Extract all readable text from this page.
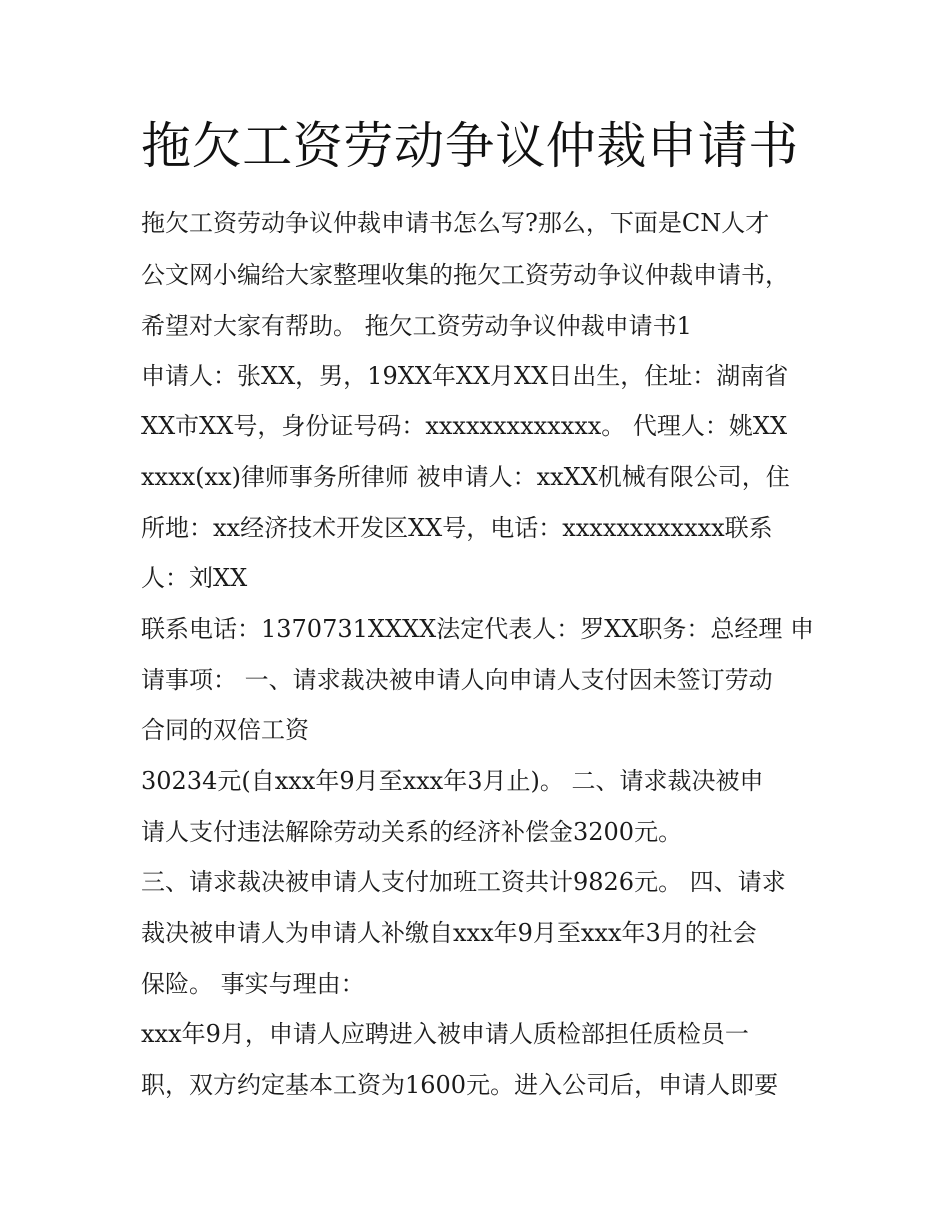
拖欠工资劳动争议仲裁申请书

拖欠工资劳动争议仲裁申请书怎么写?那么，下面是CN人才

公文网小编给大家整理收集的拖欠工资劳动争议仲裁申请书，

希望对大家有帮助。 拖欠工资劳动争议仲裁申请书1

申请人：张XX，男，19XX年XX月XX日出生，住址：湖南省

XX市XX号，身份证号码：xxxxxxxxxxxxx。 代理人：姚XX

xxxx(xx)律师事务所律师 被申请人：xxXX机械有限公司，住

所地：xx经济技术开发区XX号，电话：xxxxxxxxxxxx联系

人：刘XX

联系电话：1370731XXXX法定代表人：罗XX职务：总经理 申

请事项： 一、请求裁决被申请人向申请人支付因未签订劳动

合同的双倍工资

30234元(自xxx年9月至xxx年3月止)。 二、请求裁决被申

请人支付违法解除劳动关系的经济补偿金3200元。

三、请求裁决被申请人支付加班工资共计9826元。 四、请求

裁决被申请人为申请人补缴自xxx年9月至xxx年3月的社会

保险。 事实与理由：

xxx年9月，申请人应聘进入被申请人质检部担任质检员一

职，双方约定基本工资为1600元。进入公司后，申请人即要
